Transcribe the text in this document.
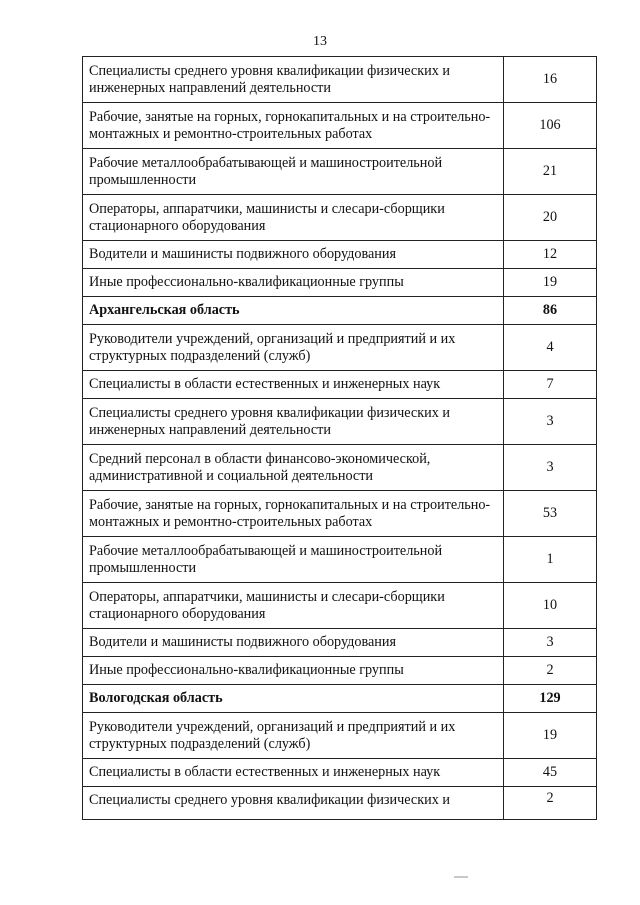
13
Специалисты среднего уровня квалификации физических и инженерных направлений деятельности	16
Рабочие, занятые на горных, горнокапитальных и на строительно-монтажных и ремонтно-строительных работах	106
Рабочие металлообрабатывающей и машиностроительной промышленности	21
Операторы, аппаратчики, машинисты и слесари-сборщики стационарного оборудования	20
Водители и машинисты подвижного оборудования	12
Иные профессионально-квалификационные группы	19
Архангельская область	86
Руководители учреждений, организаций и предприятий и их структурных подразделений (служб)	4
Специалисты в области естественных и инженерных наук	7
Специалисты среднего уровня квалификации физических и инженерных направлений деятельности	3
Средний персонал в области финансово-экономической, административной и социальной деятельности	3
Рабочие, занятые на горных, горнокапитальных и на строительно-монтажных и ремонтно-строительных работах	53
Рабочие металлообрабатывающей и машиностроительной промышленности	1
Операторы, аппаратчики, машинисты и слесари-сборщики стационарного оборудования	10
Водители и машинисты подвижного оборудования	3
Иные профессионально-квалификационные группы	2
Вологодская область	129
Руководители учреждений, организаций и предприятий и их структурных подразделений (служб)	19
Специалисты в области естественных и инженерных наук	45
Специалисты среднего уровня квалификации физических и	2
